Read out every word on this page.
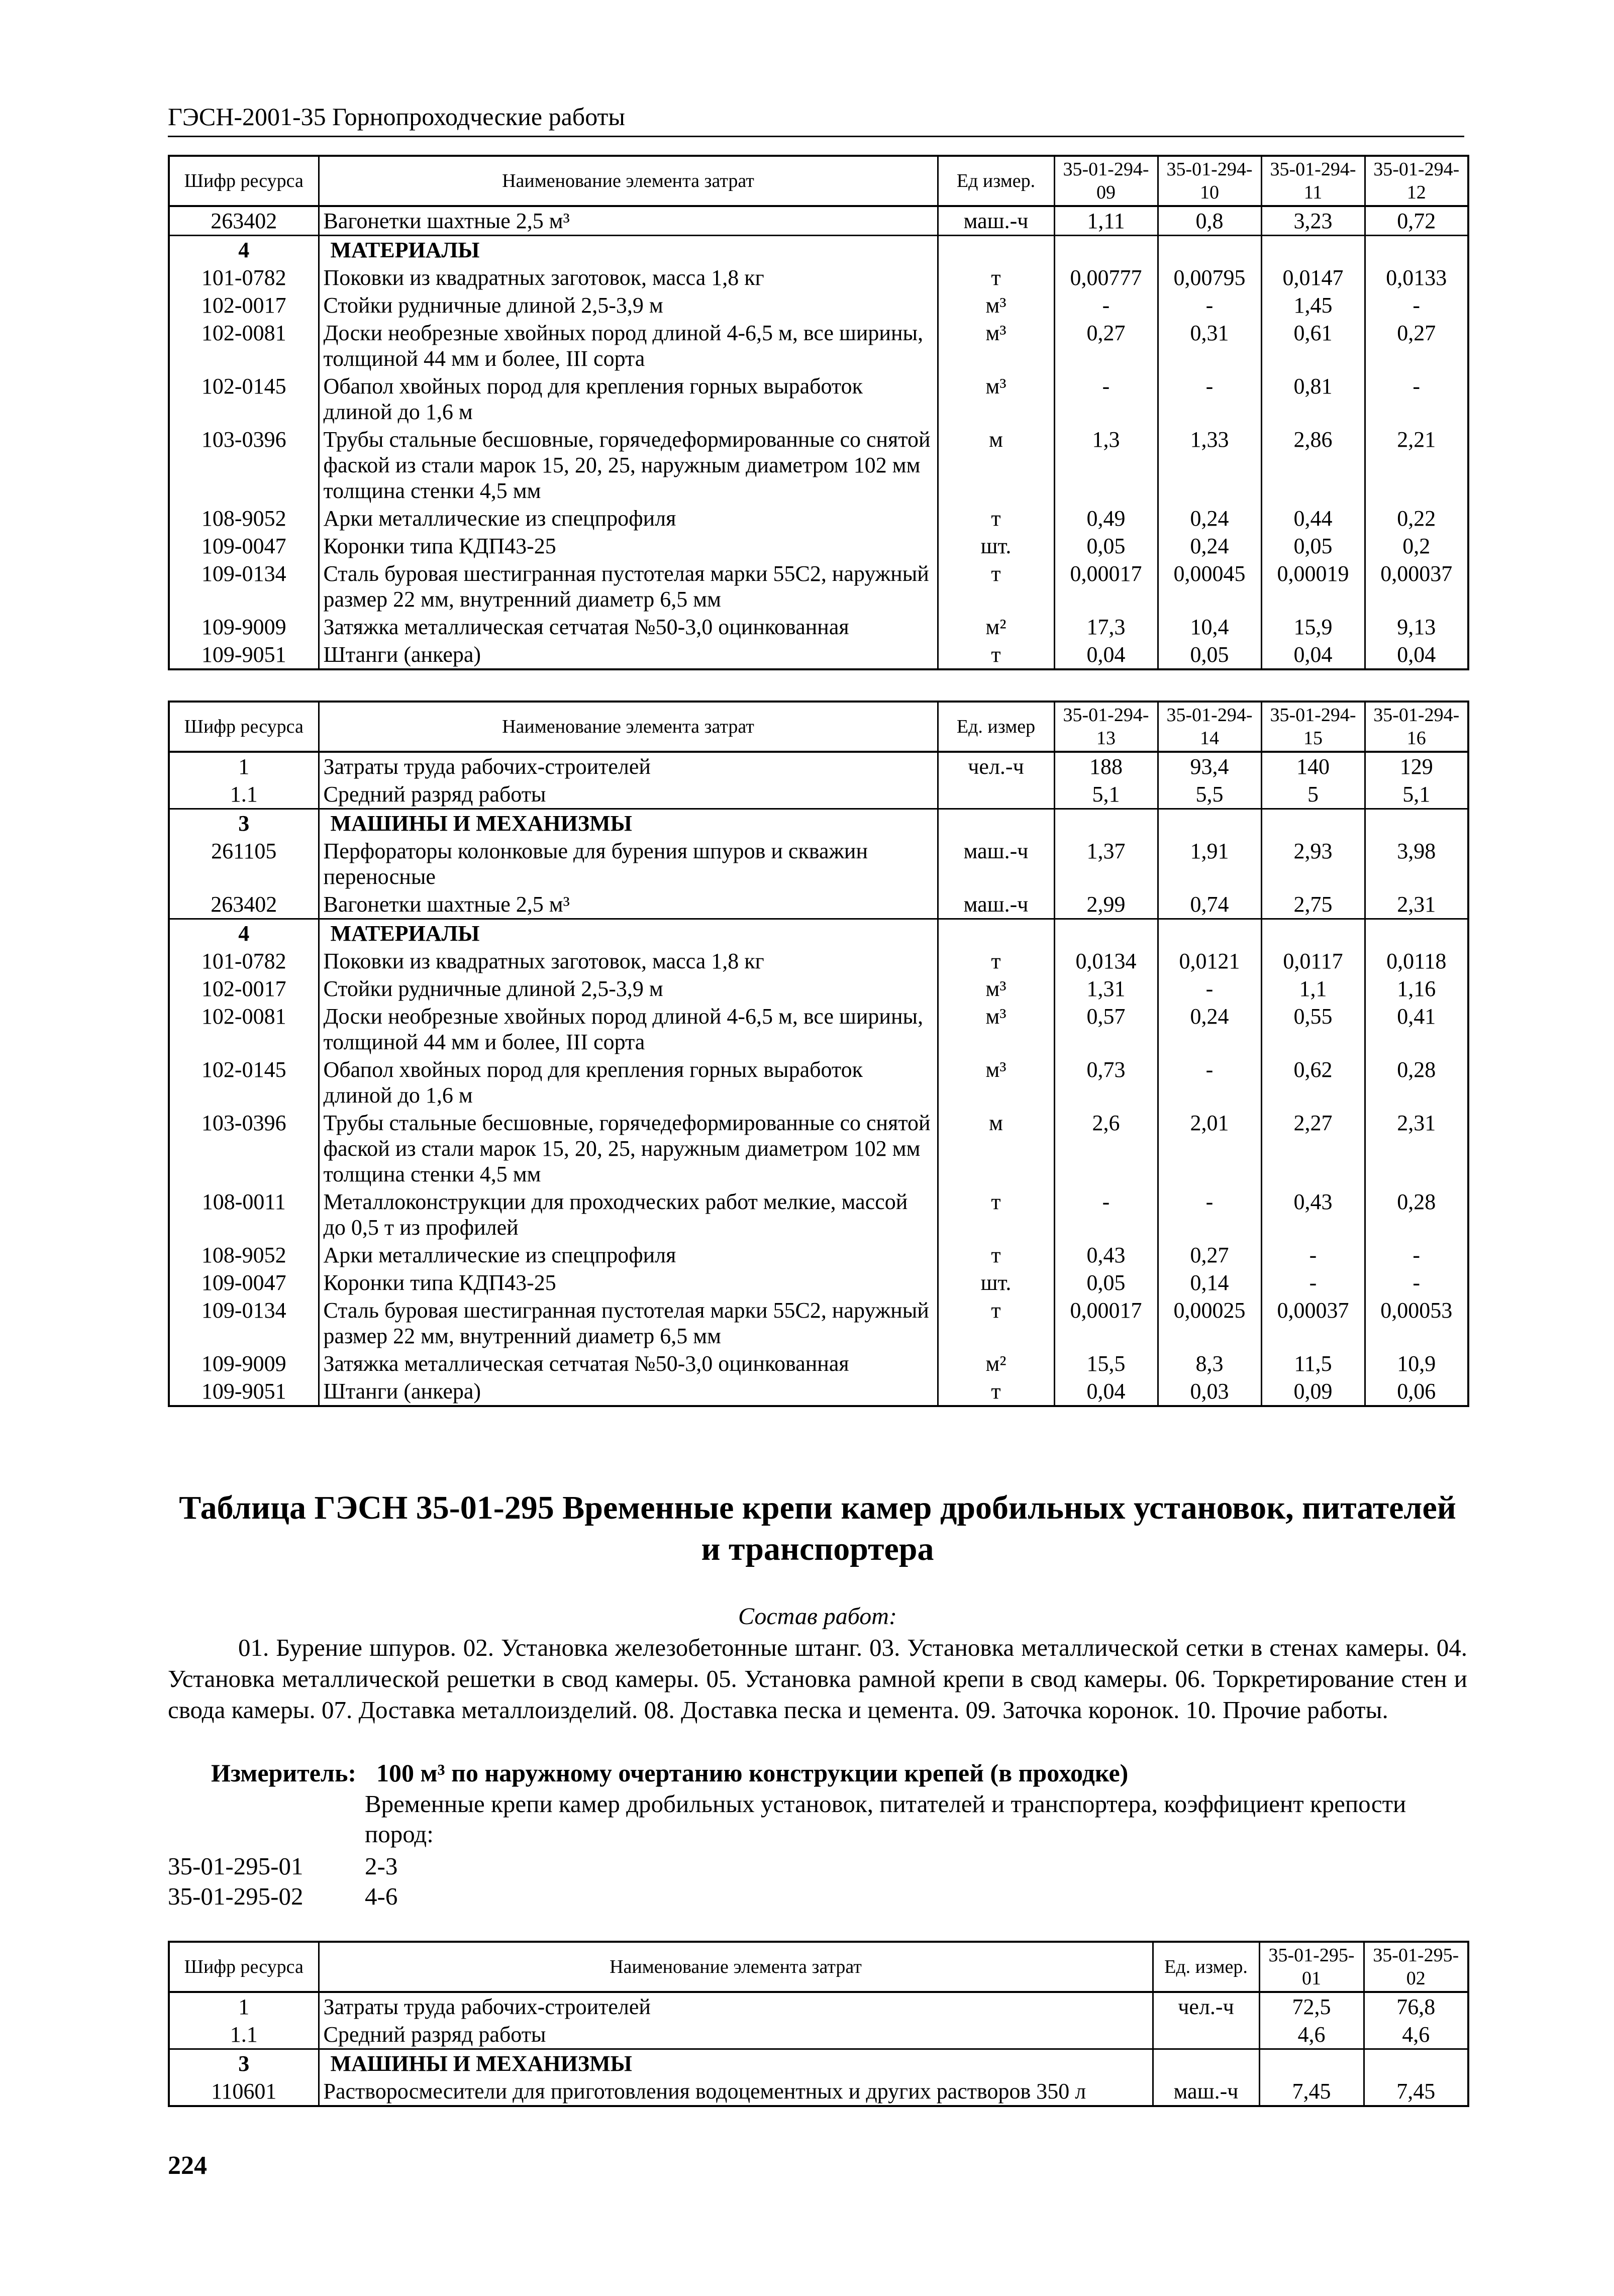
ГЭСН-2001-35 Горнопроходческие работы
Шифр ресурса	Наименование элемента затрат	Ед измер.	35-01-294-09	35-01-294-10	35-01-294-11	35-01-294-12
263402	Вагонетки шахтные 2,5 м³	маш.-ч	1,11	0,8	3,23	0,72
4	МАТЕРИАЛЫ					
101-0782	Поковки из квадратных заготовок, масса 1,8 кг	т	0,00777	0,00795	0,0147	0,0133
102-0017	Стойки рудничные длиной 2,5-3,9 м	м³	-	-	1,45	-
102-0081	Доски необрезные хвойных пород длиной 4-6,5 м, все ширины, толщиной 44 мм и более, III сорта	м³	0,27	0,31	0,61	0,27
102-0145	Обапол хвойных пород для крепления горных выработок длиной до 1,6 м	м³	-	-	0,81	-
103-0396	Трубы стальные бесшовные, горячедеформированные со снятой фаской из стали марок 15, 20, 25, наружным диаметром 102 мм толщина стенки 4,5 мм	м	1,3	1,33	2,86	2,21
108-9052	Арки металлические из спецпрофиля	т	0,49	0,24	0,44	0,22
109-0047	Коронки типа КДП43-25	шт.	0,05	0,24	0,05	0,2
109-0134	Сталь буровая шестигранная пустотелая марки 55С2, наружный размер 22 мм, внутренний диаметр 6,5 мм	т	0,00017	0,00045	0,00019	0,00037
109-9009	Затяжка металлическая сетчатая №50-3,0 оцинкованная	м²	17,3	10,4	15,9	9,13
109-9051	Штанги (анкера)	т	0,04	0,05	0,04	0,04
Шифр ресурса	Наименование элемента затрат	Ед. измер	35-01-294-13	35-01-294-14	35-01-294-15	35-01-294-16
1	Затраты труда рабочих-строителей	чел.-ч	188	93,4	140	129
1.1	Средний разряд работы		5,1	5,5	5	5,1
3	МАШИНЫ И МЕХАНИЗМЫ					
261105	Перфораторы колонковые для бурения шпуров и скважин переносные	маш.-ч	1,37	1,91	2,93	3,98
263402	Вагонетки шахтные 2,5 м³	маш.-ч	2,99	0,74	2,75	2,31
4	МАТЕРИАЛЫ					
101-0782	Поковки из квадратных заготовок, масса 1,8 кг	т	0,0134	0,0121	0,0117	0,0118
102-0017	Стойки рудничные длиной 2,5-3,9 м	м³	1,31	-	1,1	1,16
102-0081	Доски необрезные хвойных пород длиной 4-6,5 м, все ширины, толщиной 44 мм и более, III сорта	м³	0,57	0,24	0,55	0,41
102-0145	Обапол хвойных пород для крепления горных выработок длиной до 1,6 м	м³	0,73	-	0,62	0,28
103-0396	Трубы стальные бесшовные, горячедеформированные со снятой фаской из стали марок 15, 20, 25, наружным диаметром 102 мм толщина стенки 4,5 мм	м	2,6	2,01	2,27	2,31
108-0011	Металлоконструкции для проходческих работ мелкие, массой до 0,5 т из профилей	т	-	-	0,43	0,28
108-9052	Арки металлические из спецпрофиля	т	0,43	0,27	-	-
109-0047	Коронки типа КДП43-25	шт.	0,05	0,14	-	-
109-0134	Сталь буровая шестигранная пустотелая марки 55С2, наружный размер 22 мм, внутренний диаметр 6,5 мм	т	0,00017	0,00025	0,00037	0,00053
109-9009	Затяжка металлическая сетчатая №50-3,0 оцинкованная	м²	15,5	8,3	11,5	10,9
109-9051	Штанги (анкера)	т	0,04	0,03	0,09	0,06
Таблица ГЭСН 35-01-295 Временные крепи камер дробильных установок, питателей и транспортера
Состав работ:
01. Бурение шпуров. 02. Установка железобетонные штанг. 03. Установка металлической сетки в стенах камеры. 04. Установка металлической решетки в свод камеры. 05. Установка рамной крепи в свод камеры. 06. Торкретирование стен и свода камеры. 07. Доставка металлоизделий. 08. Доставка песка и цемента. 09. Заточка коронок. 10. Прочие работы.
Измеритель: 100 м³ по наружному очертанию конструкции крепей (в проходке)
Временные крепи камер дробильных установок, питателей и транспортера, коэффициент крепости пород:
35-01-295-01	2-3
35-01-295-02	4-6
Шифр ресурса	Наименование элемента затрат	Ед. измер.	35-01-295-01	35-01-295-02
1	Затраты труда рабочих-строителей	чел.-ч	72,5	76,8
1.1	Средний разряд работы		4,6	4,6
3	МАШИНЫ И МЕХАНИЗМЫ			
110601	Растворосмесители для приготовления водоцементных и других растворов 350 л	маш.-ч	7,45	7,45
224
